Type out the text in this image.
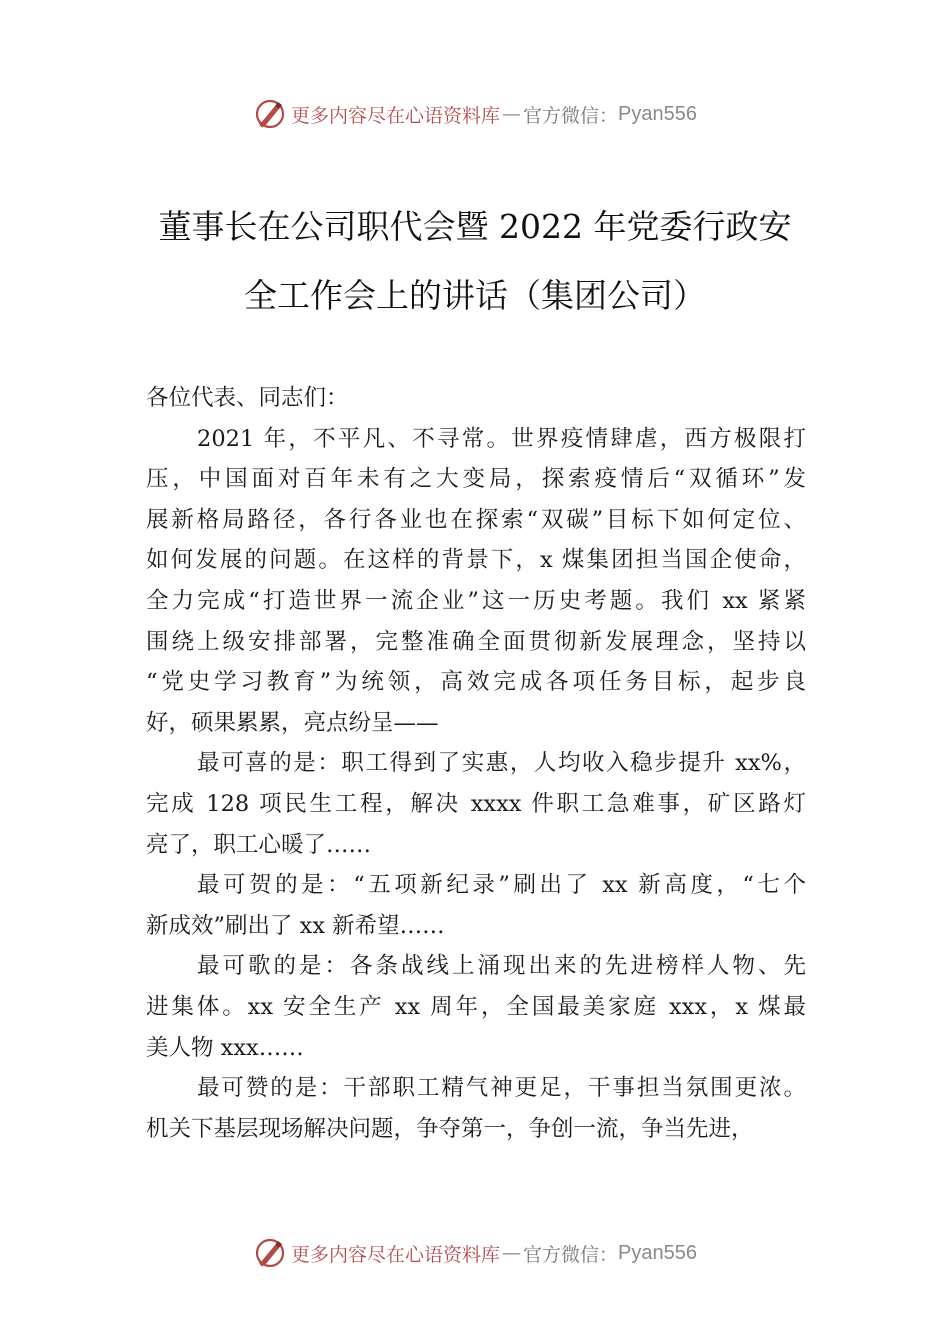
更多内容尽在心语资料库 — 官方微信： Pyan556
董事长在公司职代会暨 2022 年党委行政安
全工作会上的讲话（集团公司）
各位代表、同志们：
2021 年，不平凡、不寻常。世界疫情肆虐，西方极限打
压，中国面对百年未有之大变局，探索疫情后“双循环”发
展新格局路径，各行各业也在探索“双碳”目标下如何定位、
如何发展的问题。在这样的背景下，x 煤集团担当国企使命，
全力完成“打造世界一流企业”这一历史考题。我们 xx 紧紧
围绕上级安排部署，完整准确全面贯彻新发展理念，坚持以
“党史学习教育”为统领，高效完成各项任务目标，起步良
好，硕果累累，亮点纷呈——
最可喜的是：职工得到了实惠，人均收入稳步提升 xx%，
完成 128 项民生工程，解决 xxxx 件职工急难事，矿区路灯
亮了，职工心暖了……
最可贺的是：“五项新纪录”刷出了 xx 新高度，“七个
新成效”刷出了 xx 新希望……
最可歌的是：各条战线上涌现出来的先进榜样人物、先
进集体。xx 安全生产 xx 周年，全国最美家庭 xxx，x 煤最
美人物 xxx……
最可赞的是：干部职工精气神更足，干事担当氛围更浓。
机关下基层现场解决问题，争夺第一，争创一流，争当先进，
更多内容尽在心语资料库 — 官方微信： Pyan556
